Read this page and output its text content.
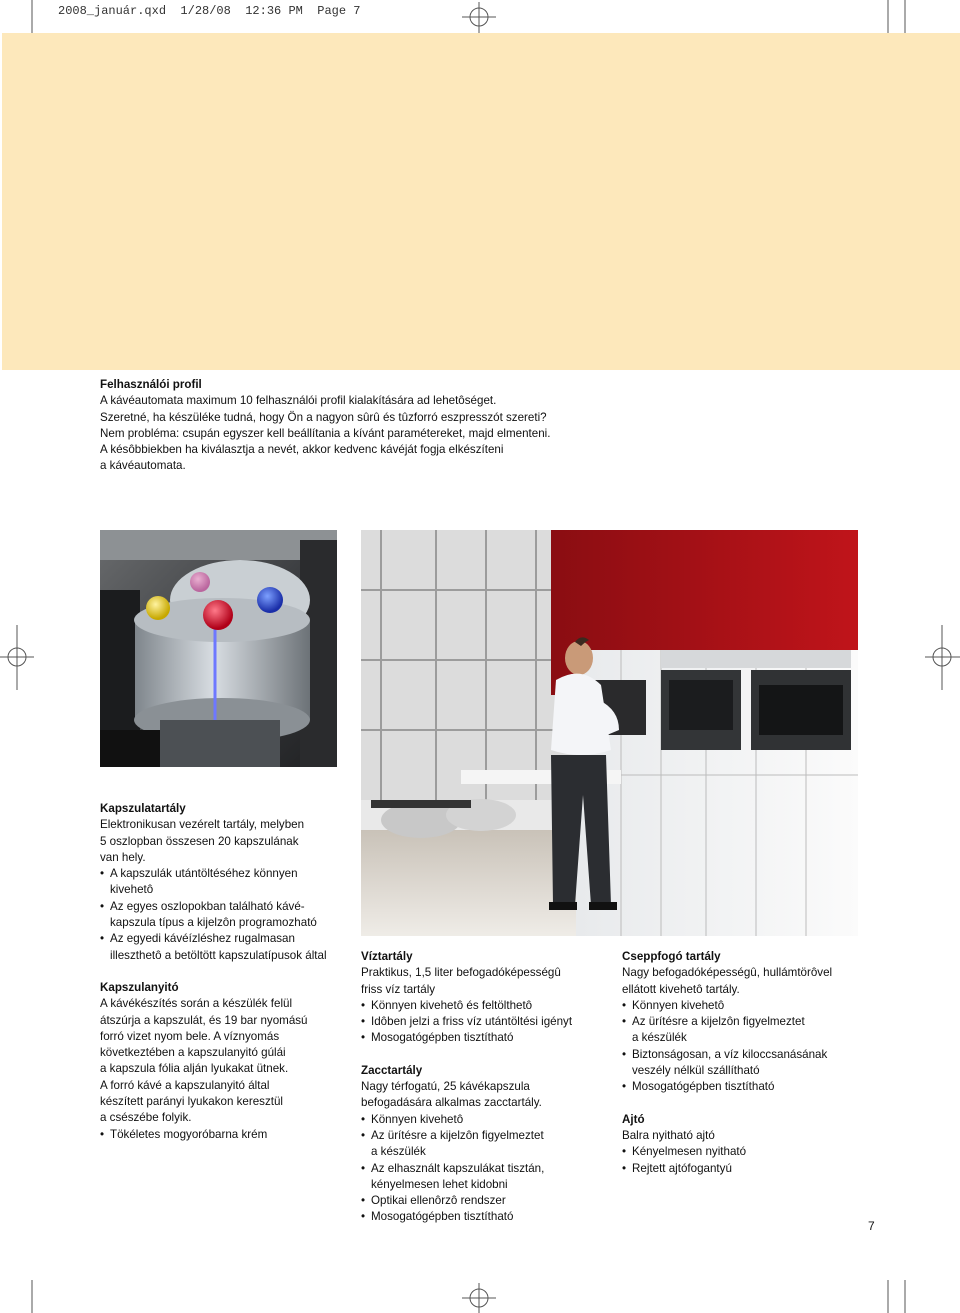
2008_január.qxd  1/28/08  12:36 PM  Page 7
Felhasználói profil

A kávéautomata maximum 10 felhasználói profil kialakítására ad lehetôséget.

Szeretné, ha készüléke tudná, hogy Ön a nagyon sûrû és tûzforró eszpresszót szereti?

Nem probléma: csupán egyszer kell beállítania a kívánt paramétereket, majd elmenteni.

A késôbbiekben ha kiválasztja a nevét, akkor kedvenc kávéját fogja elkészíteni

a kávéautomata.

Kapszulatartály

Elektronikusan vezérelt tartály, melyben

5 oszlopban összesen 20 kapszulának

van hely.

• A kapszulák utántöltéséhez könnyen
kivehetô
• Az egyes oszlopokban található kávé-
kapszula típus a kijelzôn programozható
• Az egyedi kávéízléshez rugalmasan
illeszthetô a betöltött kapszulatípusok által
Kapszulanyitó

A kávékészítés során a készülék felül

átszúrja a kapszulát, és 19 bar nyomású

forró vizet nyom bele. A víznyomás

következtében a kapszulanyitó gúlái

a kapszula fólia alján lyukakat ütnek.

A forró kávé a kapszulanyitó által

készített parányi lyukakon keresztül

a csészébe folyik.

• Tökéletes mogyoróbarna krém
Víztartály

Praktikus, 1,5 liter befogadóképességû

friss víz tartály

• Könnyen kivehetô és feltölthetô
• Idôben jelzi a friss víz utántöltési igényt
• Mosogatógépben tisztítható
Zacctartály

Nagy térfogatú, 25 kávékapszula

befogadására alkalmas zacctartály.

• Könnyen kivehetô
• Az ürítésre a kijelzôn figyelmeztet
a készülék
• Az elhasznált kapszulákat tisztán,
kényelmesen lehet kidobni
• Optikai ellenôrzô rendszer
• Mosogatógépben tisztítható
Cseppfogó tartály

Nagy befogadóképességû, hullámtörôvel

ellátott kivehetô tartály.

• Könnyen kivehetô
• Az ürítésre a kijelzôn figyelmeztet
a készülék
• Biztonságosan, a víz kiloccsanásának
veszély nélkül szállítható
• Mosogatógépben tisztítható
Ajtó

Balra nyitható ajtó

• Kényelmesen nyitható
• Rejtett ajtófogantyú
7
